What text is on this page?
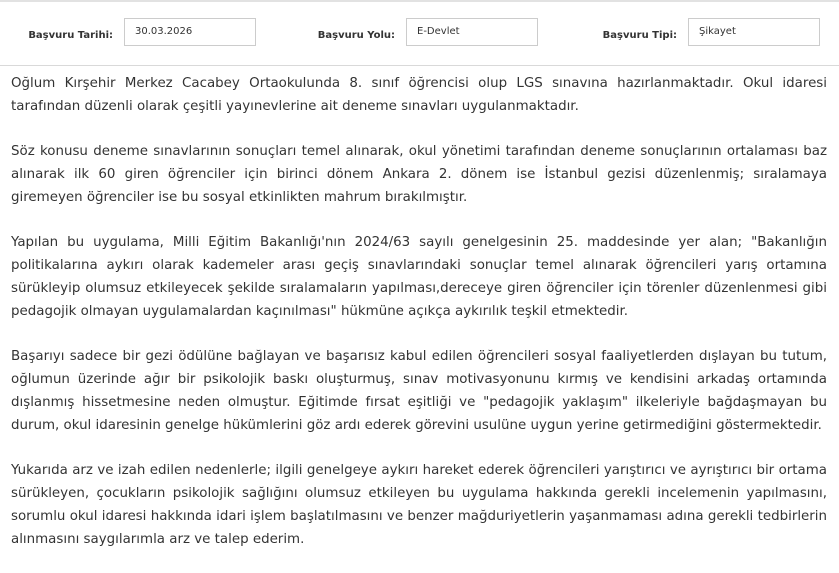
Başvuru Tarihi:	30.03.2026	Başvuru Yolu:	E-Devlet	Başvuru Tipi:	Şikayet

Oğlum Kırşehir Merkez Cacabey Ortaokulunda 8. sınıf öğrencisi olup LGS sınavına hazırlanmaktadır. Okul idaresi tarafından düzenli olarak çeşitli yayınevlerine ait deneme sınavları uygulanmaktadır.

Söz konusu deneme sınavlarının sonuçları temel alınarak, okul yönetimi tarafından deneme sonuçlarının ortalaması baz alınarak ilk 60 giren öğrenciler için birinci dönem Ankara 2. dönem ise İstanbul gezisi düzenlenmiş; sıralamaya giremeyen öğrenciler ise bu sosyal etkinlikten mahrum bırakılmıştır.

Yapılan bu uygulama, Milli Eğitim Bakanlığı'nın 2024/63 sayılı genelgesinin 25. maddesinde yer alan; "Bakanlığın politikalarına aykırı olarak kademeler arası geçiş sınavlarındaki sonuçlar temel alınarak öğrencileri yarış ortamına sürükleyip olumsuz etkileyecek şekilde sıralamaların yapılması,dereceye giren öğrenciler için törenler düzenlenmesi gibi pedagojik olmayan uygulamalardan kaçınılması" hükmüne açıkça aykırılık teşkil etmektedir.

Başarıyı sadece bir gezi ödülüne bağlayan ve başarısız kabul edilen öğrencileri sosyal faaliyetlerden dışlayan bu tutum, oğlumun üzerinde ağır bir psikolojik baskı oluşturmuş, sınav motivasyonunu kırmış ve kendisini arkadaş ortamında dışlanmış hissetmesine neden olmuştur. Eğitimde fırsat eşitliği ve "pedagojik yaklaşım" ilkeleriyle bağdaşmayan bu durum, okul idaresinin genelge hükümlerini göz ardı ederek görevini usulüne uygun yerine getirmediğini göstermektedir.

Yukarıda arz ve izah edilen nedenlerle; ilgili genelgeye aykırı hareket ederek öğrencileri yarıştırıcı ve ayrıştırıcı bir ortama sürükleyen, çocukların psikolojik sağlığını olumsuz etkileyen bu uygulama hakkında gerekli incelemenin yapılmasını, sorumlu okul idaresi hakkında idari işlem başlatılmasını ve benzer mağduriyetlerin yaşanmaması adına gerekli tedbirlerin alınmasını saygılarımla arz ve talep ederim.
